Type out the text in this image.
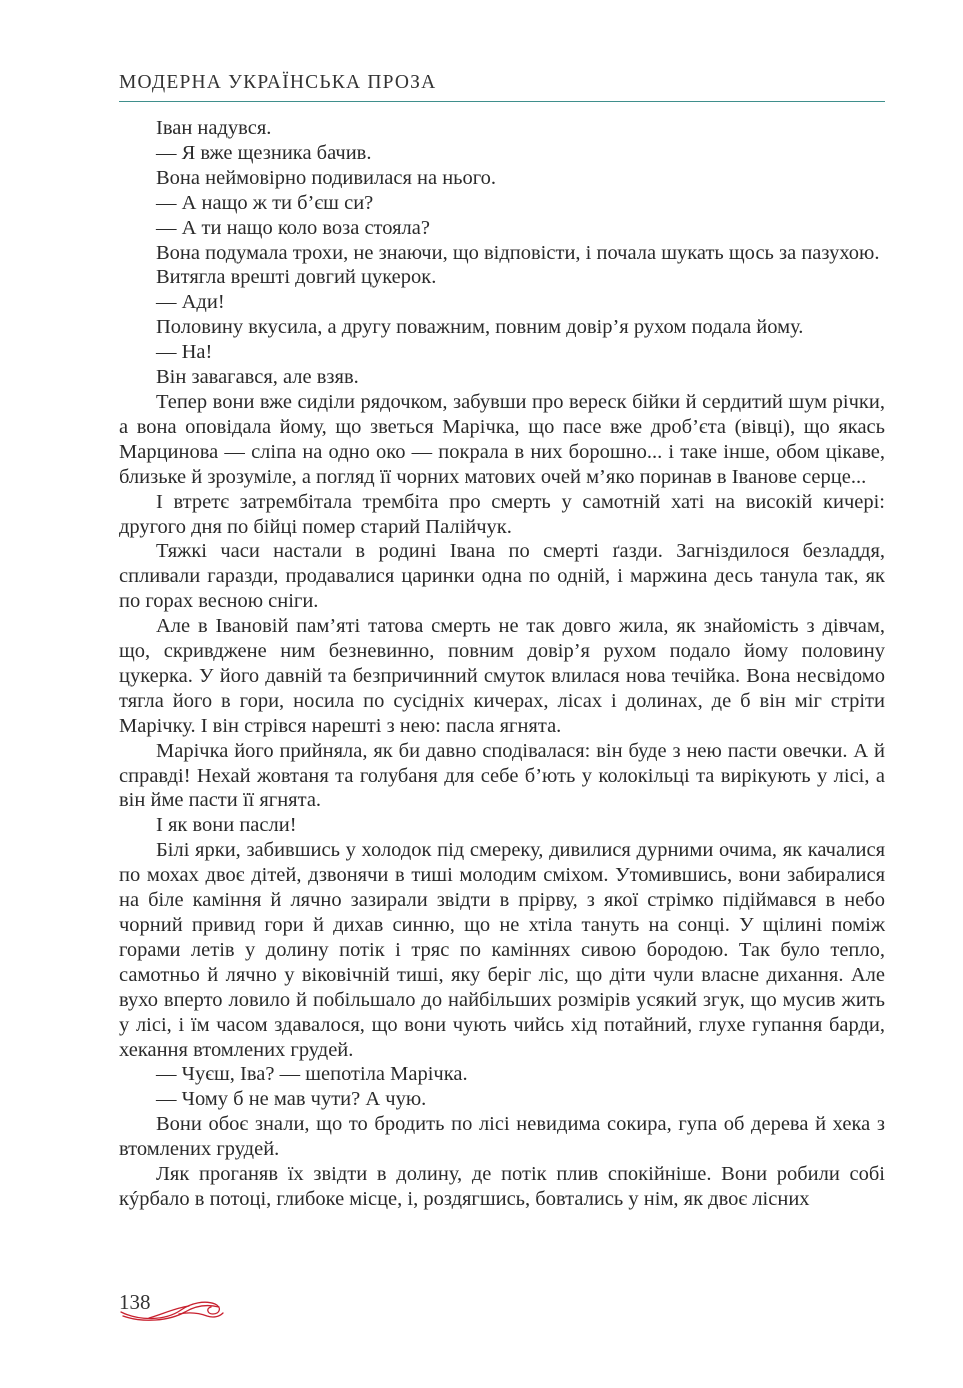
МОДЕРНА УКРАЇНСЬКА ПРОЗА

Іван надувся.

— Я вже щезника бачив.

Вона неймовірно подивилася на нього.

— А нащо ж ти б’єш си?

— А ти нащо коло воза стояла?

Вона подумала трохи, не знаючи, що відповісти, і почала шукать щось за пазухою.

Витягла врешті довгий цукерок.

— Ади!

Половину вкусила, а другу поважним, повним довір’я рухом подала йому.

— На!

Він завагався, але взяв.

Тепер вони вже сиділи рядочком, забувши про вереск бійки й сердитий шум річки, а вона оповідала йому, що зветься Марічка, що пасе вже дроб’єта (вівці), що якась Марцинова — сліпа на одно око — покрала в них борошно... і таке інше, обом цікаве, близьке й зрозуміле, а погляд її чорних матових очей м’яко поринав в Іванове серце...

І втретє затрембітала трембіта про смерть у самотній хаті на високій кичері: другого дня по бійці помер старий Палійчук.

Тяжкі часи настали в родині Івана по смерті ґазди. Загніздилося безладдя, спливали гаразди, продавалися царинки одна по одній, і маржина десь танула так, як по горах весною сніги.

Але в Івановій пам’яті татова смерть не так довго жила, як знайомість з дівчам, що, скривджене ним безневинно, повним довір’я рухом подало йому половину цукерка. У його давній та безпричинний смуток влилася нова течійка. Вона несвідомо тягла його в гори, носила по сусідніх кичерах, лісах і долинах, де б він міг стріти Марічку. І він стрівся нарешті з нею: пасла ягнята.

Марічка його прийняла, як би давно сподівалася: він буде з нею пасти овечки. А й справді! Нехай жовтаня та голубаня для себе б’ють у колокільці та вирікують у лісі, а він йме пасти її ягнята.

І як вони пасли!

Білі ярки, забившись у холодок під смереку, дивилися дурними очима, як качалися по мохах двоє дітей, дзвонячи в тиші молодим сміхом. Утомившись, вони забиралися на біле каміння й лячно зазирали звідти в прірву, з якої стрімко підіймався в небо чорний привид гори й дихав синню, що не хтіла тануть на сонці. У щілині поміж горами летів у долину потік і тряс по каміннях сивою бородою. Так було тепло, самотньо й лячно у віковічній тиші, яку беріг ліс, що діти чули власне дихання. Але вухо вперто ловило й побільшало до найбільших розмірів усякий згук, що мусив жить у лісі, і їм часом здавалося, що вони чують чийсь хід потайний, глухе гупання барди, хекання втомлених грудей.

— Чуєш, Іва? — шепотіла Марічка.

— Чому б не мав чути? А чую.

Вони обоє знали, що то бродить по лісі невидима сокира, гупа об дерева й хека з втомлених грудей.

Ляк проганяв їх звідти в долину, де потік плив спокійніше. Вони робили собі кýрбало в потоці, глибоке місце, і, роздягшись, бовтались у нім, як двоє лісних

138
